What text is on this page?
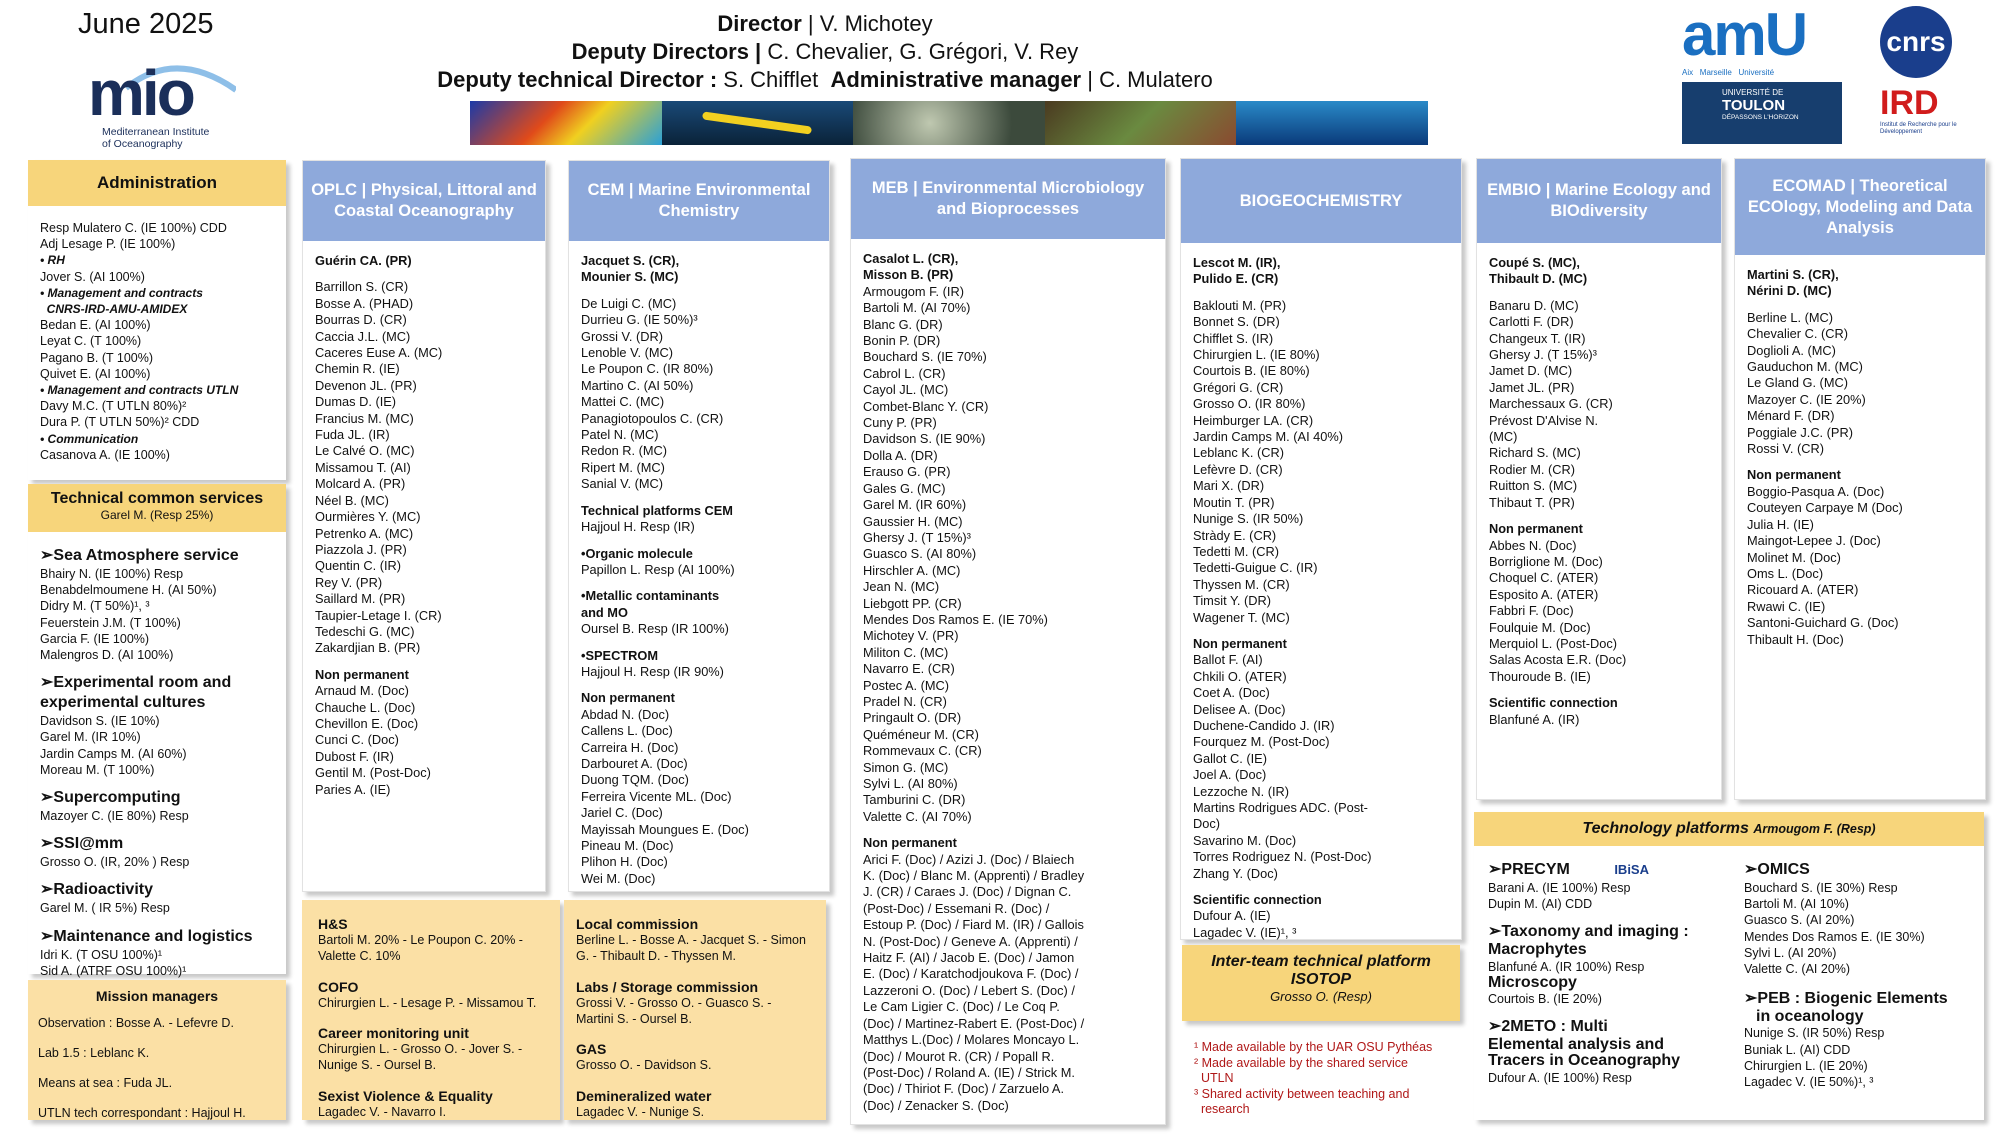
June 2025	Director | V. Michotey
Deputy Directors | C. Chevalier, G. Grégori, V. Rey
Deputy technical Director : S. Chifflet Administrative manager | C. Mulatero
mio
Mediterranean Institute
of Oceanography
amU
Aix   Marseille   Université
cnrs
UNIVERSITÉ DE
TOULON
DÉPASSONS L'HORIZON	IRD
Institut de Recherche pour le Développement
Administration

Resp Mulatero C. (IE 100%) CDD

Adj Lesage P. (IE 100%)

• RH

Jover S. (AI 100%)

• Management and contracts

CNRS-IRD-AMU-AMIDEX

Bedan E. (AI 100%)

Leyat C. (T 100%)

Pagano B. (T 100%)

Quivet E. (AI 100%)

• Management and contracts UTLN

Davy M.C. (T UTLN 80%)²

Dura P. (T UTLN 50%)² CDD

• Communication

Casanova A. (IE 100%)

Technical common services
Garel M. (Resp 25%)
➢ Sea Atmosphere service

Bhairy N. (IE 100%) Resp

Benabdelmoumene H. (AI 50%)

Didry M. (T 50%)¹, ³

Feuerstein J.M. (T 100%)

Garcia F. (IE 100%)

Malengros D. (AI 100%)

➢ Experimental room and experimental cultures

Davidson S. (IE 10%)

Garel M. (IR 10%)

Jardin Camps M. (AI 60%)

Moreau M. (T 100%)

➢ Supercomputing

Mazoyer C. (IE 80%) Resp

➢ SSI@mm

Grosso O. (IR, 20% ) Resp

➢ Radioactivity

Garel M. ( IR 5%) Resp

➢ Maintenance and logistics

Idri K. (T OSU 100%)¹

Sid A. (ATRF OSU 100%)¹

Mission managers

Observation : Bosse A. - Lefevre D.

Lab 1.5 : Leblanc K.

Means at sea : Fuda JL.

UTLN tech correspondant : Hajjoul H.

OPLC | Physical, Littoral and Coastal Oceanography

Guérin CA. (PR)

Barrillon S. (CR)

Bosse A. (PHAD)

Bourras D. (CR)

Caccia J.L. (MC)

Caceres Euse A. (MC)

Chemin R. (IE)

Devenon JL. (PR)

Dumas D. (IE)

Francius M. (MC)

Fuda JL. (IR)

Le Calvé O. (MC)

Missamou T. (AI)

Molcard A. (PR)

Néel B. (MC)

Ourmières Y. (MC)

Petrenko A. (MC)

Piazzola J. (PR)

Quentin C. (IR)

Rey V. (PR)

Saillard M. (PR)

Taupier-Letage I. (CR)

Tedeschi G. (MC)

Zakardjian B. (PR)

Non permanent

Arnaud M. (Doc)

Chauche L. (Doc)

Chevillon E. (Doc)

Cunci C. (Doc)

Dubost F. (IR)

Gentil M. (Post-Doc)

Paries A. (IE)

CEM | Marine Environmental Chemistry

Jacquet S. (CR),

Mounier S. (MC)

De Luigi C. (MC)

Durrieu G. (IE 50%)³

Grossi V. (DR)

Lenoble V. (MC)

Le Poupon C. (IR 80%)

Martino C. (AI 50%)

Mattei C. (MC)

Panagiotopoulos C. (CR)

Patel N. (MC)

Redon R. (MC)

Ripert M. (MC)

Sanial V. (MC)

Technical platforms CEM

Hajjoul H. Resp (IR)

•Organic molecule

Papillon L. Resp (AI 100%)

•Metallic contaminants

and MO

Oursel B. Resp (IR 100%)

•SPECTROM

Hajjoul H. Resp (IR 90%)

Non permanent

Abdad N. (Doc)

Callens L. (Doc)

Carreira H. (Doc)

Darbouret A. (Doc)

Duong TQM. (Doc)

Ferreira Vicente ML. (Doc)

Jariel C. (Doc)

Mayissah Moungues E. (Doc)

Pineau M. (Doc)

Plihon H. (Doc)

Wei M. (Doc)

MEB | Environmental Microbiology and Bioprocesses

Casalot L. (CR),

Misson B. (PR)

Armougom F. (IR)

Bartoli M. (AI 70%)

Blanc G. (DR)

Bonin P. (DR)

Bouchard S. (IE 70%)

Cabrol L. (CR)

Cayol JL. (MC)

Combet-Blanc Y. (CR)

Cuny P. (PR)

Davidson S. (IE 90%)

Dolla A. (DR)

Erauso G. (PR)

Gales G. (MC)

Garel M. (IR 60%)

Gaussier H. (MC)

Ghersy J. (T 15%)³

Guasco S. (AI 80%)

Hirschler A. (MC)

Jean N. (MC)

Liebgott PP. (CR)

Mendes Dos Ramos E. (IE 70%)

Michotey V. (PR)

Militon C. (MC)

Navarro E. (CR)

Postec A. (MC)

Pradel N. (CR)

Pringault O. (DR)

Quéméneur M. (CR)

Rommevaux C. (CR)

Simon G. (MC)

Sylvi L. (AI 80%)

Tamburini C. (DR)

Valette C. (AI 70%)

Non permanent

Arici F. (Doc) / Azizi J. (Doc) / Blaiech

K. (Doc) / Blanc M. (Apprenti) / Bradley

J. (CR) / Caraes J. (Doc) / Dignan C.

(Post-Doc) / Essemani R. (Doc) /

Estoup P. (Doc) / Fiard M. (IR) / Gallois

N. (Post-Doc) / Geneve A. (Apprenti) /

Haitz F. (AI) / Jacob E. (Doc) / Jamon

E. (Doc) / Karatchodjoukova F. (Doc) /

Lazzeroni O. (Doc) / Lebert S. (Doc) /

Le Cam Ligier C. (Doc) / Le Coq P.

(Doc) / Martinez-Rabert E. (Post-Doc) /

Matthys L.(Doc) / Molares Moncayo L.

(Doc) / Mourot R. (CR) / Popall R.

(Post-Doc) / Roland A. (IE) / Strick M.

(Doc) / Thiriot F. (Doc) / Zarzuelo A.

(Doc) / Zenacker S. (Doc)

BIOGEOCHEMISTRY

Lescot M. (IR),

Pulido E. (CR)

Baklouti M. (PR)

Bonnet S. (DR)

Chifflet S. (IR)

Chirurgien L. (IE 80%)

Courtois B. (IE 80%)

Grégori G. (CR)

Grosso O. (IR 80%)

Heimburger LA. (CR)

Jardin Camps M. (AI 40%)

Leblanc K. (CR)

Lefèvre D. (CR)

Mari X. (DR)

Moutin T. (PR)

Nunige S. (IR 50%)

Stràdy E. (CR)

Tedetti M. (CR)

Tedetti-Guigue C. (IR)

Thyssen M. (CR)

Timsit Y. (DR)

Wagener T. (MC)

Non permanent

Ballot F. (AI)

Chkili O. (ATER)

Coet A. (Doc)

Delisee A. (Doc)

Duchene-Candido J. (IR)

Fourquez M. (Post-Doc)

Gallot C. (IE)

Joel A. (Doc)

Lezzoche N. (IR)

Martins Rodrigues ADC. (Post-

Doc)

Savarino M. (Doc)

Torres Rodriguez N. (Post-Doc)

Zhang Y. (Doc)

Scientific connection

Dufour A. (IE)

Lagadec V. (IE)¹, ³

EMBIO | Marine Ecology and BIOdiversity

Coupé S. (MC),

Thibault D. (MC)

Banaru D. (MC)

Carlotti F. (DR)

Changeux T. (IR)

Ghersy J. (T 15%)³

Jamet D. (MC)

Jamet JL. (PR)

Marchessaux G. (CR)

Prévost D'Alvise N.

(MC)

Richard S. (MC)

Rodier M. (CR)

Ruitton S. (MC)

Thibaut T. (PR)

Non permanent

Abbes N. (Doc)

Borriglione M. (Doc)

Choquel C. (ATER)

Esposito A. (ATER)

Fabbri F. (Doc)

Foulquie M. (Doc)

Merquiol L. (Post-Doc)

Salas Acosta E.R. (Doc)

Thouroude B. (IE)

Scientific connection

Blanfuné A. (IR)

ECOMAD | Theoretical ECOlogy, Modeling and Data Analysis

Martini S. (CR),

Nérini D. (MC)

Berline L. (MC)

Chevalier C. (CR)

Doglioli A. (MC)

Gauduchon M. (MC)

Le Gland G. (MC)

Mazoyer C. (IE 20%)

Ménard F. (DR)

Poggiale J.C. (PR)

Rossi V. (CR)

Non permanent

Boggio-Pasqua A. (Doc)

Couteyen Carpaye M (Doc)

Julia H. (IE)

Maingot-Lepee J. (Doc)

Molinet M. (Doc)

Oms L. (Doc)

Ricouard A. (ATER)

Rwawi C. (IE)

Santoni-Guichard G. (Doc)

Thibault H. (Doc)

H&S
Bartoli M. 20% - Le Poupon C. 20% -
Valette C. 10%
COFO
Chirurgien L. - Lesage P. - Missamou T.
Career monitoring unit
Chirurgien L. - Grosso O. - Jover S. -
Nunige S. - Oursel B.
Sexist Violence & Equality
Lagadec V. - Navarro I.
Local commission
Berline L. - Bosse A. - Jacquet S. - Simon
G. - Thibault D. - Thyssen M.
Labs / Storage commission
Grossi V. - Grosso O. - Guasco S. -
Martini S. - Oursel B.
GAS
Grosso O. - Davidson S.
Demineralized water
Lagadec V. - Nunige S.
Inter-team technical platform
ISOTOP
Grosso O. (Resp)
¹ Made available by the UAR OSU Pythéas
² Made available by the shared service
UTLN
³ Shared activity between teaching and
research
Technology platforms Armougom F. (Resp)
➢ PRECYM	IBiSA

Barani A. (IE 100%) Resp

Dupin M. (AI) CDD

➢ Taxonomy and imaging :
Macrophytes

Blanfuné A. (IR 100%) Resp

Microscopy

Courtois B. (IE 20%)

➢ 2METO : Multi
Elemental analysis and
Tracers in Oceanography

Dufour A. (IE 100%) Resp

➢ OMICS

Bouchard S. (IE 30%) Resp

Bartoli M. (AI 10%)

Guasco S. (AI 20%)

Mendes Dos Ramos E. (IE 30%)

Sylvi L. (AI 20%)

Valette C. (AI 20%)

➢ PEB : Biogenic Elements
in oceanology

Nunige S. (IR 50%) Resp

Buniak L. (AI) CDD

Chirurgien L. (IE 20%)

Lagadec V. (IE 50%)¹, ³
